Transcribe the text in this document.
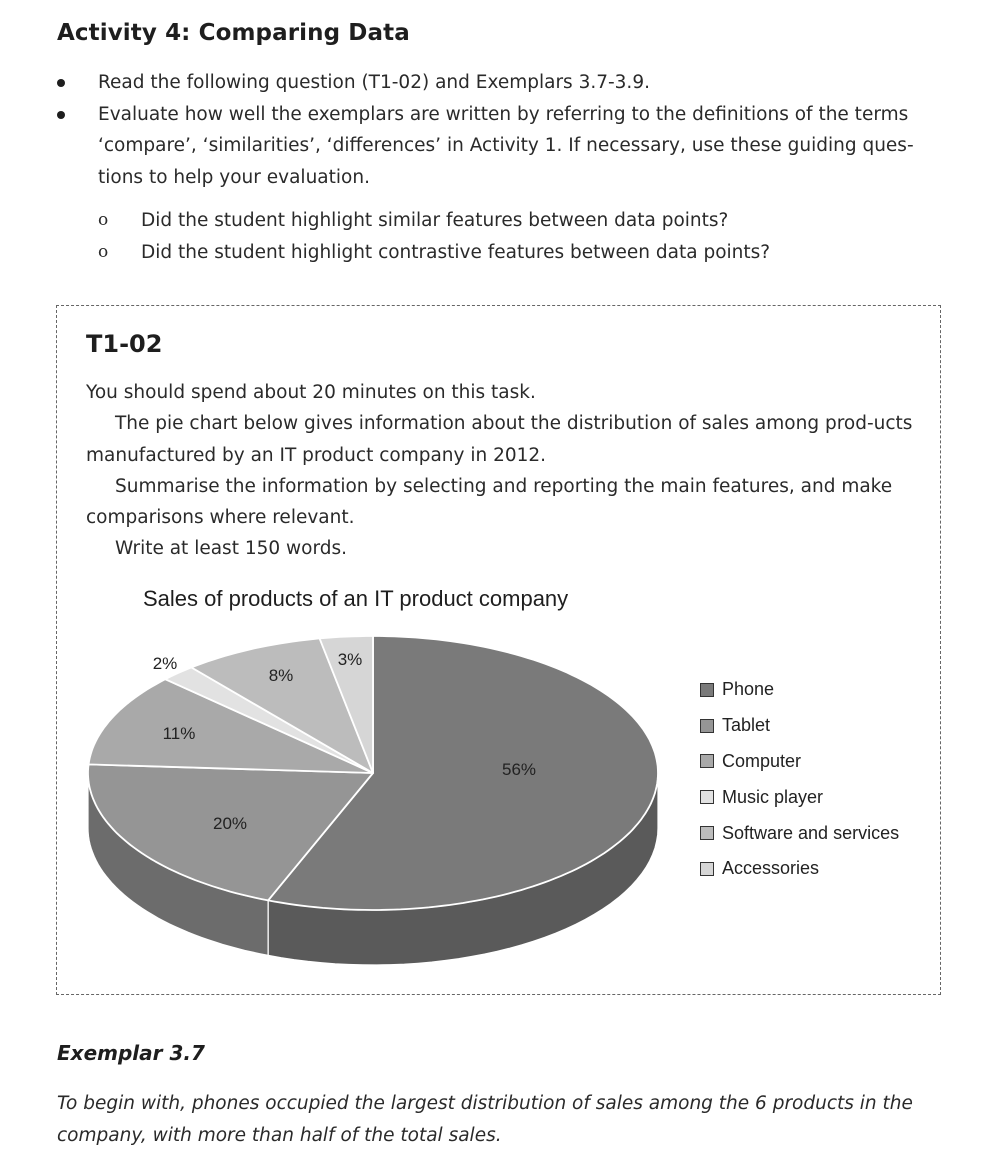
Activity 4: Comparing Data
Read the following question (T1-02) and Exemplars 3.7-3.9.
Evaluate how well the exemplars are written by referring to the definitions of the terms ‘compare’, ‘similarities’, ‘differences’ in Activity 1. If necessary, use these guiding ques-tions to help your evaluation.
o Did the student highlight similar features between data points?
o Did the student highlight contrastive features between data points?
T1-02

You should spend about 20 minutes on this task.

The pie chart below gives information about the distribution of sales among prod-ucts manufactured by an IT product company in 2012.

Summarise the information by selecting and reporting the main features, and make comparisons where relevant.

Write at least 150 words.

Sales of products of an IT product company
56%
20%
11%
2%
8%
3%
Phone
Tablet
Computer
Music player
Software and services
Accessories
Exemplar 3.7
To begin with, phones occupied the largest distribution of sales among the 6 products in the company, with more than half of the total sales.
